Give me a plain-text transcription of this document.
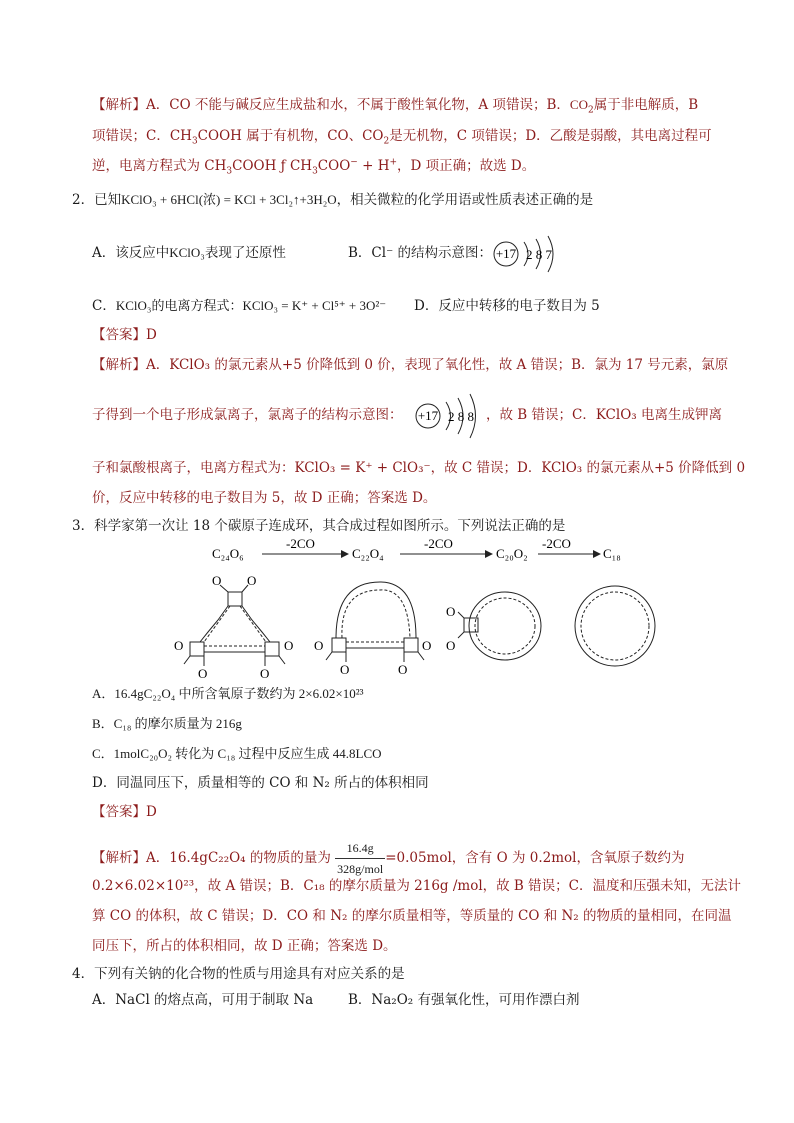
【解析】A．CO 不能与碱反应生成盐和水，不属于酸性氧化物，A 项错误；B．$CO_2$属于非电解质，B
项错误；C．$CH_3COOH$ 属于有机物，CO、$CO_2$是无机物，C 项错误；D．乙酸是弱酸，其电离过程可
逆，电离方程式为 $CH_3COOH$ ƒ $CH_3COO^- + H^+$，D 项正确；故选 D。
2．已知KClO₃ + 6HCl(浓) = KCl + 3Cl₂↑+3H₂O，相关微粒的化学用语或性质表述正确的是
A．该反应中KClO₃表现了还原性	B．Cl⁻ 的结构示意图： +17 2 8 7
C．KClO₃的电离方程式：KClO₃ = K⁺ + Cl⁵⁺ + 3O²⁻ D．反应中转移的电子数目为 5
【答案】D
【解析】A．KClO₃ 的氯元素从+5 价降低到 0 价，表现了氧化性，故 A 错误；B．氯为 17 号元素，氯原
子得到一个电子形成氯离子，氯离子的结构示意图： +17 2 8 8 ，故 B 错误；C．KClO₃ 电离生成钾离
子和氯酸根离子，电离方程式为：KClO₃ = K⁺ + ClO₃⁻，故 C 错误；D．KClO₃ 的氯元素从+5 价降低到 0
价，反应中转移的电子数目为 5，故 D 正确；答案选 D。
3．科学家第一次让 18 个碳原子连成环，其合成过程如图所示。下列说法正确的是
C₂₄O₆
-2CO
C₂₂O₄
-2CO
C₂₀O₂
-2CO
C₁₈
O O
O
O	O
O O
O	O
O
O
O
A．16.4gC₂₂O₄ 中所含氧原子数约为 2×6.02×10²³
B．C₁₈ 的摩尔质量为 216g
C．1molC₂₀O₂ 转化为 C₁₈ 过程中反应生成 44.8LCO
D．同温同压下，质量相等的 CO 和 N₂ 所占的体积相同
【答案】D
【解析】A．16.4gC₂₂O₄ 的物质的量为 $\frac{16.4g}{\text{328g/mol}} =0.05mol$，含有 O 为 0.2mol，含氧原子数约为
0.2×6.02×10²³，故 A 错误；B．C₁₈ 的摩尔质量为 216g /mol，故 B 错误；C．温度和压强未知，无法计
算 CO 的体积，故 C 错误；D．CO 和 N₂ 的摩尔质量相等，等质量的 CO 和 N₂ 的物质的量相同，在同温
同压下，所占的体积相同，故 D 正确；答案选 D。
4．下列有关钠的化合物的性质与用途具有对应关系的是
A．NaCl 的熔点高，可用于制取 Na	B．Na₂O₂ 有强氧化性，可用作漂白剂
